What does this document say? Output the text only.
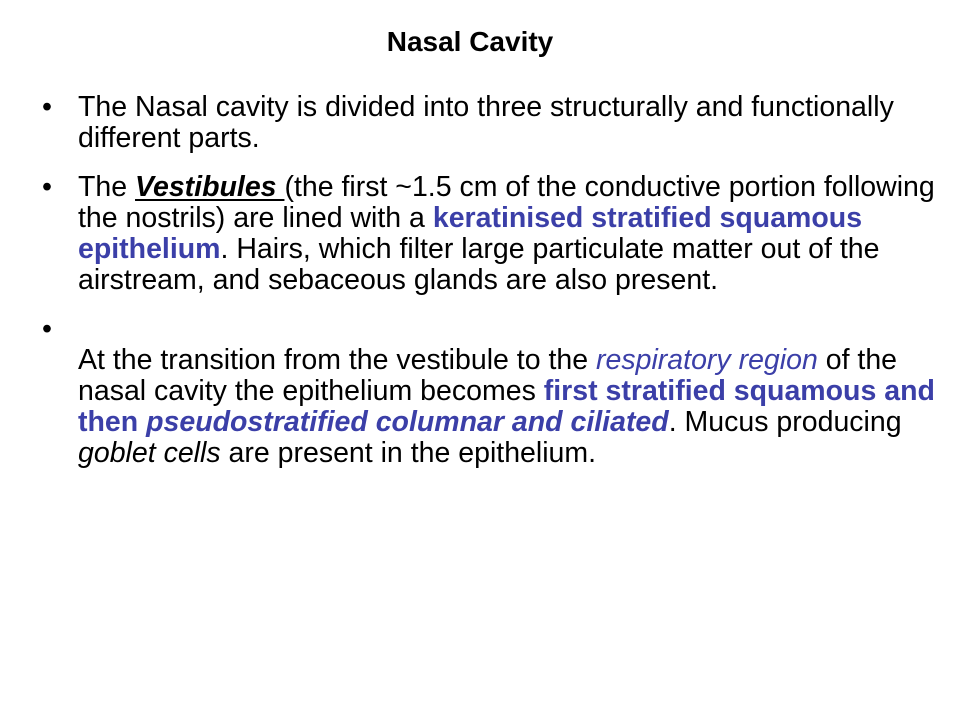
Nasal Cavity
• The Nasal cavity is divided into three structurally and functionally different parts.
• The Vestibules (the first ~1.5 cm of the conductive portion following the nostrils) are lined with a keratinised stratified squamous epithelium. Hairs, which filter large particulate matter out of the airstream, and sebaceous glands are also present.
•
At the transition from the vestibule to the respiratory region of the nasal cavity the epithelium becomes first stratified squamous and then pseudostratified columnar and ciliated. Mucus producing goblet cells are present in the epithelium.
